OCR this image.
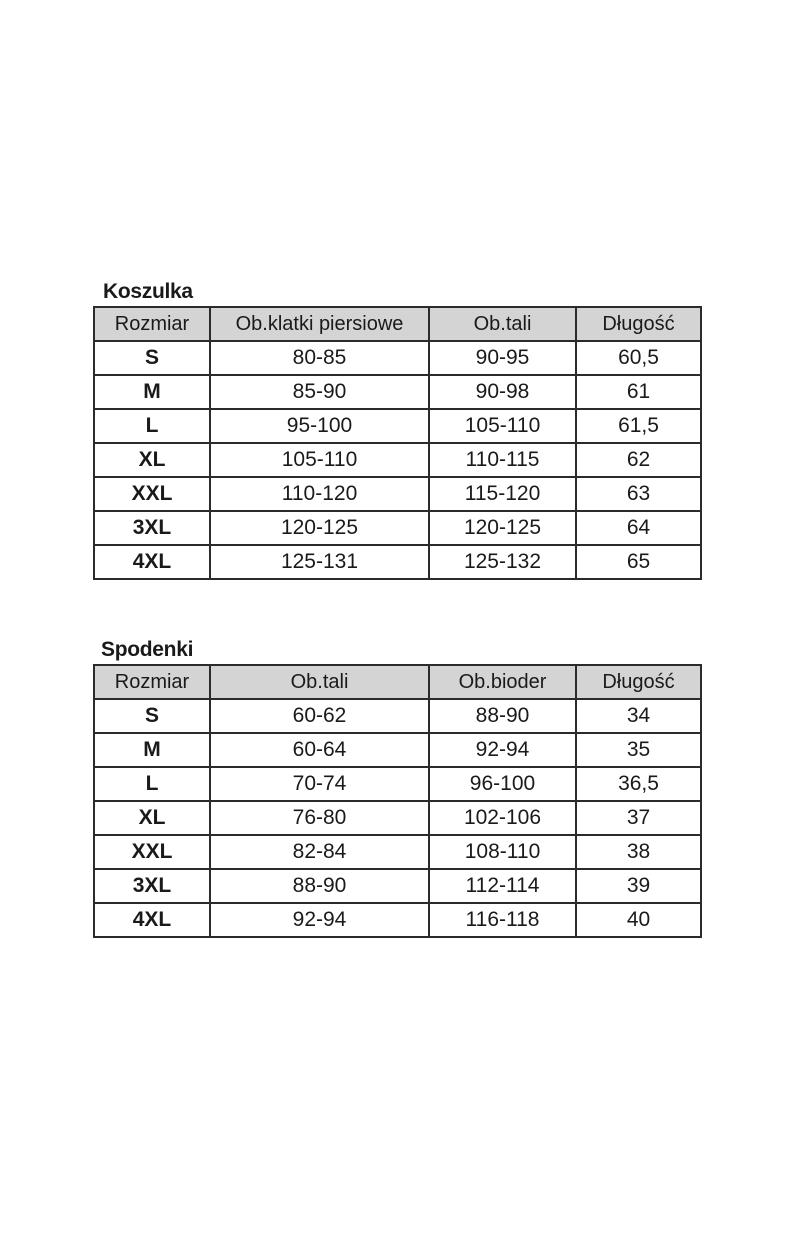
Koszulka
Rozmiar	Ob.klatki piersiowe	Ob.tali	Długość
S	80-85	90-95	60,5
M	85-90	90-98	61
L	95-100	105-110	61,5
XL	105-110	110-115	62
XXL	110-120	115-120	63
3XL	120-125	120-125	64
4XL	125-131	125-132	65
Spodenki
Rozmiar	Ob.tali	Ob.bioder	Długość
S	60-62	88-90	34
M	60-64	92-94	35
L	70-74	96-100	36,5
XL	76-80	102-106	37
XXL	82-84	108-110	38
3XL	88-90	112-114	39
4XL	92-94	116-118	40
